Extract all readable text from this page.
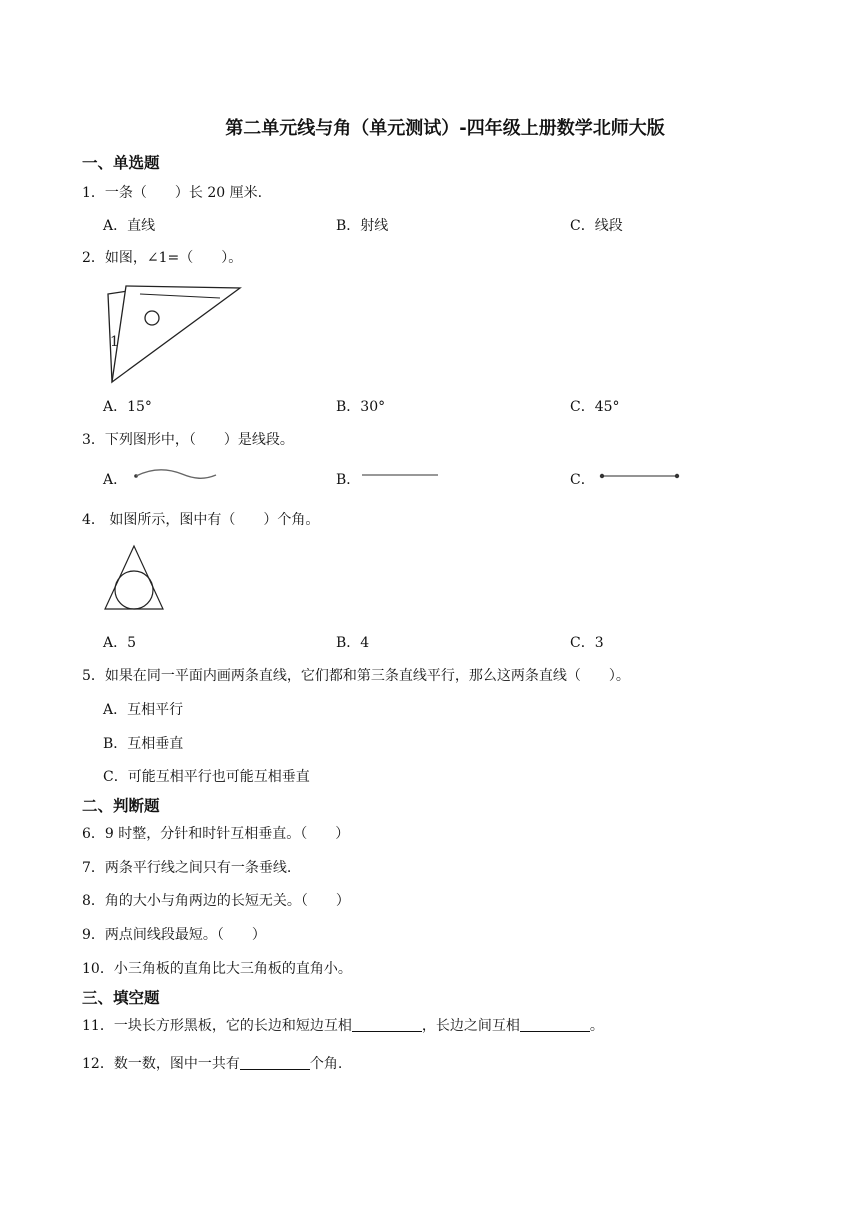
第二单元线与角（单元测试）-四年级上册数学北师大版
一、单选题
1．一条（　　）长 20 厘米.
A．直线	B．射线	C．线段
2．如图，∠1=（　　）。
1
A．15°	B．30°	C．45°
3．下列图形中，（　　）是线段。
A．	B．	C．
4． 如图所示，图中有（　　）个角。
A．5	B．4	C．3
5．如果在同一平面内画两条直线，它们都和第三条直线平行，那么这两条直线（　　）。
A．互相平行
B．互相垂直
C．可能互相平行也可能互相垂直
二、判断题
6．9 时整，分针和时针互相垂直。（　　）
7．两条平行线之间只有一条垂线.
8．角的大小与角两边的长短无关。（　　）
9．两点间线段最短。（　　）
10．小三角板的直角比大三角板的直角小。
三、填空题
11．一块长方形黑板，它的长边和短边互相	，长边之间互相	。
12．数一数，图中一共有	个角.
